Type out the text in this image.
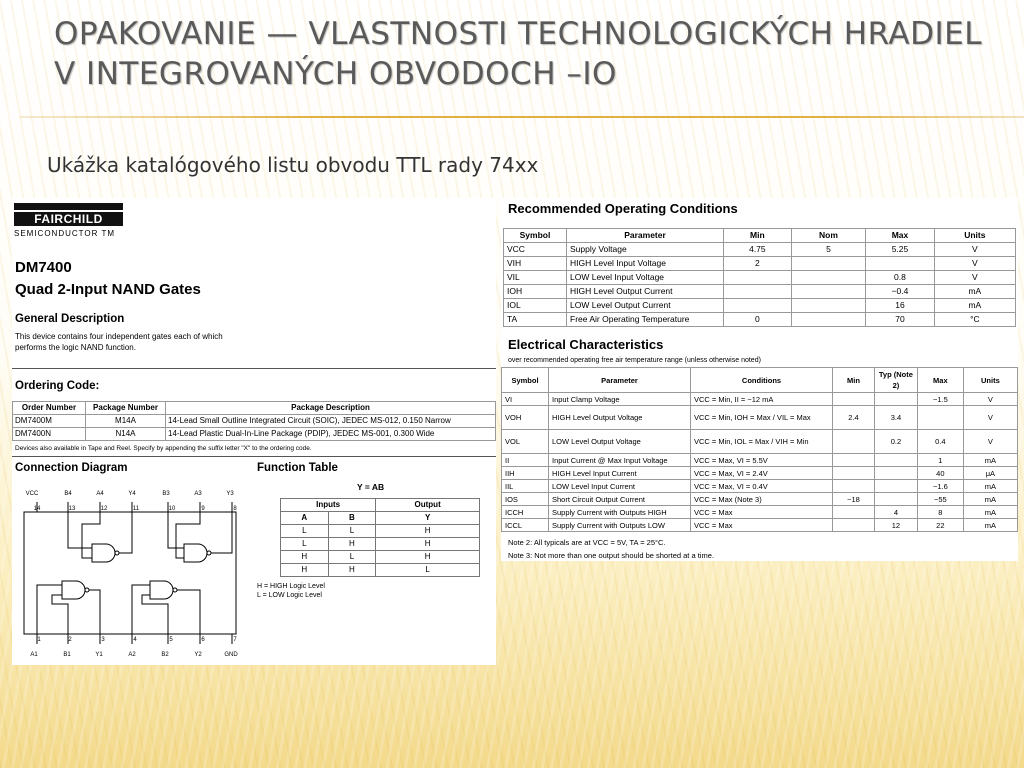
OPAKOVANIE — VLASTNOSTI TECHNOLOGICKÝCH HRADIEL V INTEGROVANÝCH OBVODOCH –IO
Ukážka katalógového listu obvodu TTL rady 74xx
FAIRCHILD
SEMICONDUCTOR TM
DM7400
Quad 2-Input NAND Gates
General Description
This device contains four independent gates each of which performs the logic NAND function.
Ordering Code:
Order Number	Package Number	Package Description
DM7400M	M14A	14-Lead Small Outline Integrated Circuit (SOIC), JEDEC MS-012, 0.150 Narrow
DM7400N	N14A	14-Lead Plastic Dual-In-Line Package (PDIP), JEDEC MS-001, 0.300 Wide
Devices also available in Tape and Reel. Specify by appending the suffix letter "X" to the ordering code.
Connection Diagram	Function Table
Y = AB
VCC	B4	A4	Y4	B3	A3	Y3
14	13	12	11	10	9	8
1	2	3	4	5	6	7
A1	B1	Y1	A2	B2	Y2	GND
Inputs		Output
A	B	Y
L	L	H
L	H	H
H	L	H
H	H	L
H = HIGH Logic Level
L = LOW Logic Level
Recommended Operating Conditions
Symbol	Parameter	Min	Nom	Max	Units
VCC	Supply Voltage	4.75	5	5.25	V
VIH	HIGH Level Input Voltage	2			V
VIL	LOW Level Input Voltage			0.8	V
IOH	HIGH Level Output Current			−0.4	mA
IOL	LOW Level Output Current			16	mA
TA	Free Air Operating Temperature	0		70	°C
Electrical Characteristics
over recommended operating free air temperature range (unless otherwise noted)
Symbol	Parameter	Conditions	Min	Typ (Note 2)	Max	Units
VI	Input Clamp Voltage	VCC = Min, II = −12 mA			−1.5	V
VOH	HIGH Level Output Voltage	VCC = Min, IOH = Max / VIL = Max	2.4	3.4		V
VOL	LOW Level Output Voltage	VCC = Min, IOL = Max / VIH = Min		0.2	0.4	V
II	Input Current @ Max Input Voltage	VCC = Max, VI = 5.5V			1	mA
IIH	HIGH Level Input Current	VCC = Max, VI = 2.4V			40	μA
IIL	LOW Level Input Current	VCC = Max, VI = 0.4V			−1.6	mA
IOS	Short Circuit Output Current	VCC = Max (Note 3)	−18		−55	mA
ICCH	Supply Current with Outputs HIGH	VCC = Max		4	8	mA
ICCL	Supply Current with Outputs LOW	VCC = Max		12	22	mA
Note 2: All typicals are at VCC = 5V, TA = 25°C.
Note 3: Not more than one output should be shorted at a time.
